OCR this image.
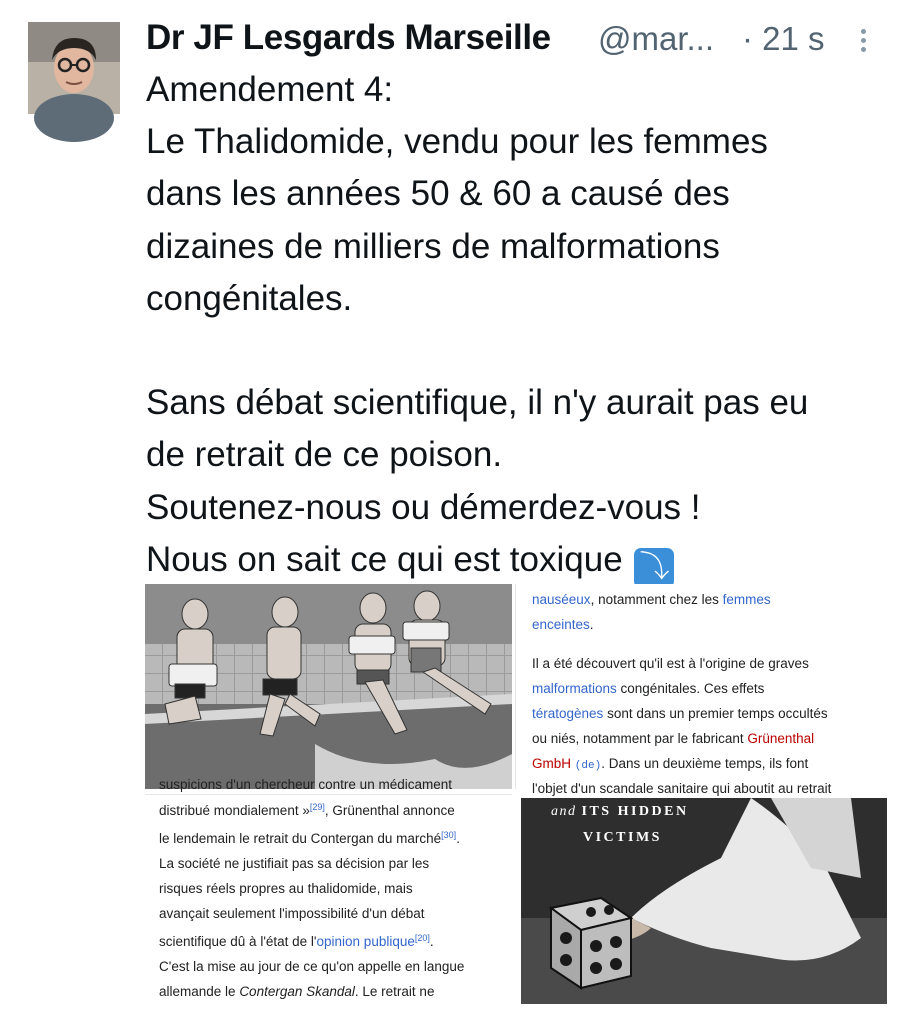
Dr JF Lesgards Marseille @mar... · 21 s
Amendement 4:
Le Thalidomide, vendu pour les femmes
dans les années 50 & 60 a causé des
dizaines de milliers de malformations
congénitales.
Sans débat scientifique, il n'y aurait pas eu
de retrait de ce poison.
Soutenez-nous ou démerdez-vous !
Nous on sait ce qui est toxique ⤵

nauséeux, notamment chez les femmes

enceintes.

Il a été découvert qu'il est à l'origine de graves

malformations congénitales. Ces effets

tératogènes sont dans un premier temps occultés

ou niés, notamment par le fabricant Grünenthal

GmbH (de). Dans un deuxième temps, ils font

l'objet d'un scandale sanitaire qui aboutit au retrait

suspicions d'un chercheur contre un médicament

distribué mondialement »[29], Grünenthal annonce

le lendemain le retrait du Contergan du marché[30].

La société ne justifiait pas sa décision par les

risques réels propres au thalidomide, mais

avançait seulement l'impossibilité d'un débat

scientifique dû à l'état de l'opinion publique[20].

C'est la mise au jour de ce qu'on appelle en langue

allemande le Contergan Skandal. Le retrait ne

and ITS HIDDEN
VICTIMS
